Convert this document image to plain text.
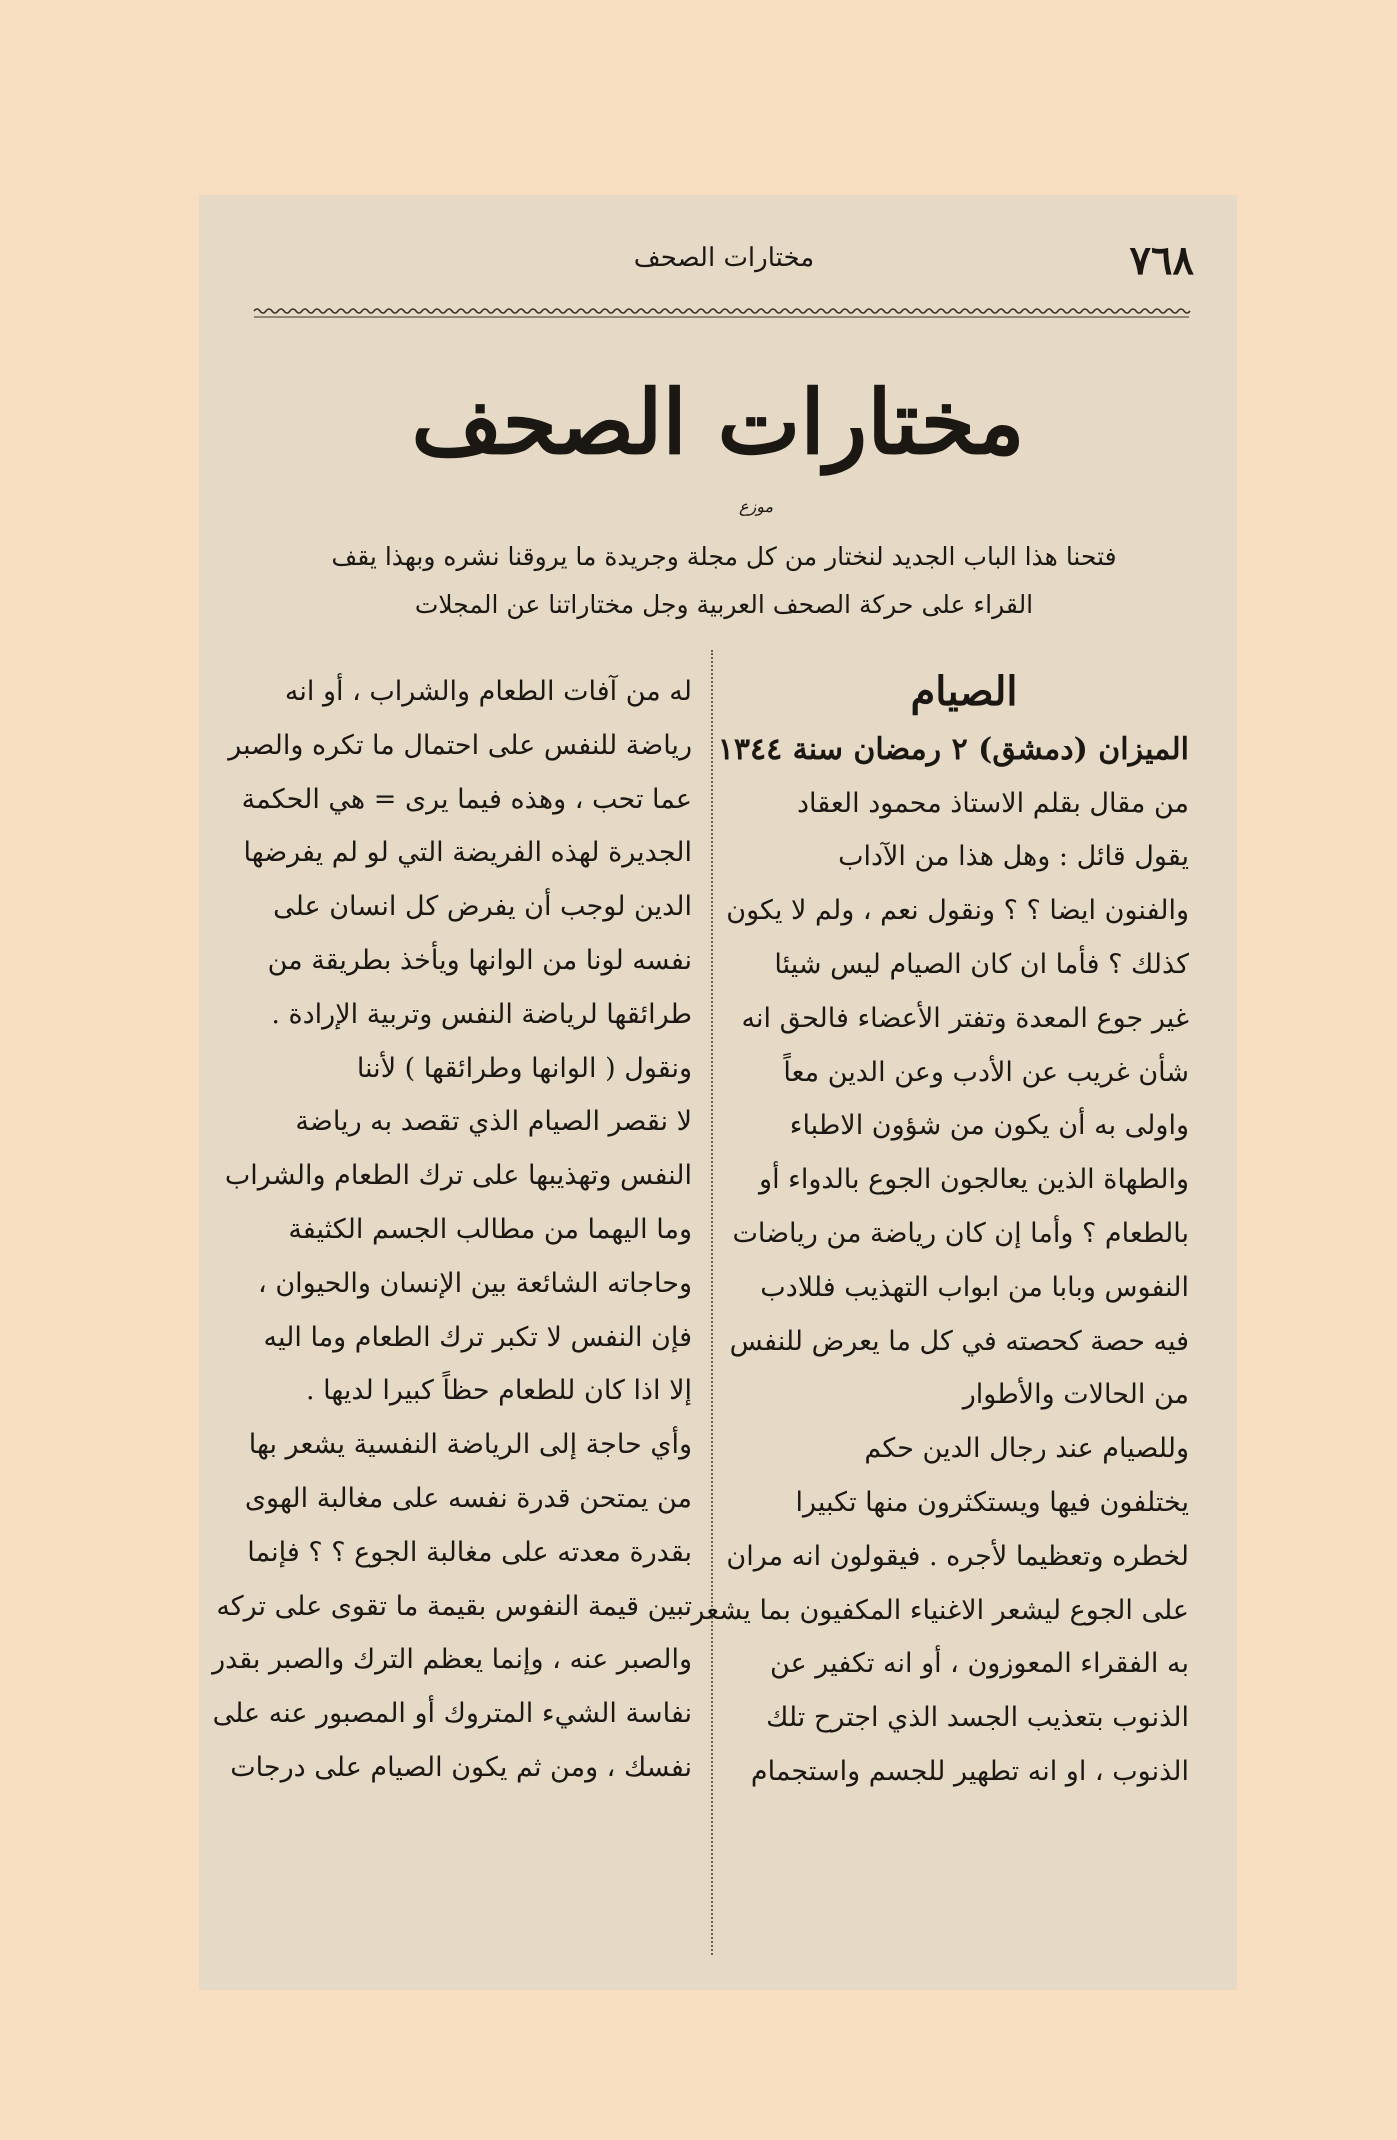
٧٦٨
مختارات الصحف
مختارات الصحف
موزع
فتحنا هذا الباب الجديد لنختار من كل مجلة وجريدة ما يروقنا نشره وبهذا يقف
القراء على حركة الصحف العربية وجل مختاراتنا عن المجلات
الصيام
الميزان (دمشق) ٢ رمضان سنة ١٣٤٤
من مقال بقلم الاستاذ محمود العقاد
يقول قائل : وهل هذا من الآداب
والفنون ايضا ؟ ؟ ونقول نعم ، ولم لا يكون
كذلك ؟ فأما ان كان الصيام ليس شيئا
غير جوع المعدة وتفتر الأعضاء فالحق انه
شأن غريب عن الأدب وعن الدين معاً
واولى به أن يكون من شؤون الاطباء
والطهاة الذين يعالجون الجوع بالدواء أو
بالطعام ؟ وأما إن كان رياضة من رياضات
النفوس وبابا من ابواب التهذيب فللادب
فيه حصة كحصته في كل ما يعرض للنفس
من الحالات والأطوار
وللصيام عند رجال الدين حكم
يختلفون فيها ويستكثرون منها تكبيرا
لخطره وتعظيما لأجره . فيقولون انه مران
على الجوع ليشعر الاغنياء المكفيون بما يشعر
به الفقراء المعوزون ، أو انه تكفير عن
الذنوب بتعذيب الجسد الذي اجترح تلك
الذنوب ، او انه تطهير للجسم واستجمام
له من آفات الطعام والشراب ، أو انه
رياضة للنفس على احتمال ما تكره والصبر
عما تحب ، وهذه فيما يرى = هي الحكمة
الجديرة لهذه الفريضة التي لو لم يفرضها
الدين لوجب أن يفرض كل انسان على
نفسه لونا من الوانها ويأخذ بطريقة من
طرائقها لرياضة النفس وتربية الإرادة .
ونقول ( الوانها وطرائقها ) لأننا
لا نقصر الصيام الذي تقصد به رياضة
النفس وتهذيبها على ترك الطعام والشراب
وما اليهما من مطالب الجسم الكثيفة
وحاجاته الشائعة بين الإنسان والحيوان ،
فإن النفس لا تكبر ترك الطعام وما اليه
إلا اذا كان للطعام حظاً كبيرا لديها .
وأي حاجة إلى الرياضة النفسية يشعر بها
من يمتحن قدرة نفسه على مغالبة الهوى
بقدرة معدته على مغالبة الجوع ؟ ؟ فإنما
تبين قيمة النفوس بقيمة ما تقوى على تركه
والصبر عنه ، وإنما يعظم الترك والصبر بقدر
نفاسة الشيء المتروك أو المصبور عنه على
نفسك ، ومن ثم يكون الصيام على درجات
